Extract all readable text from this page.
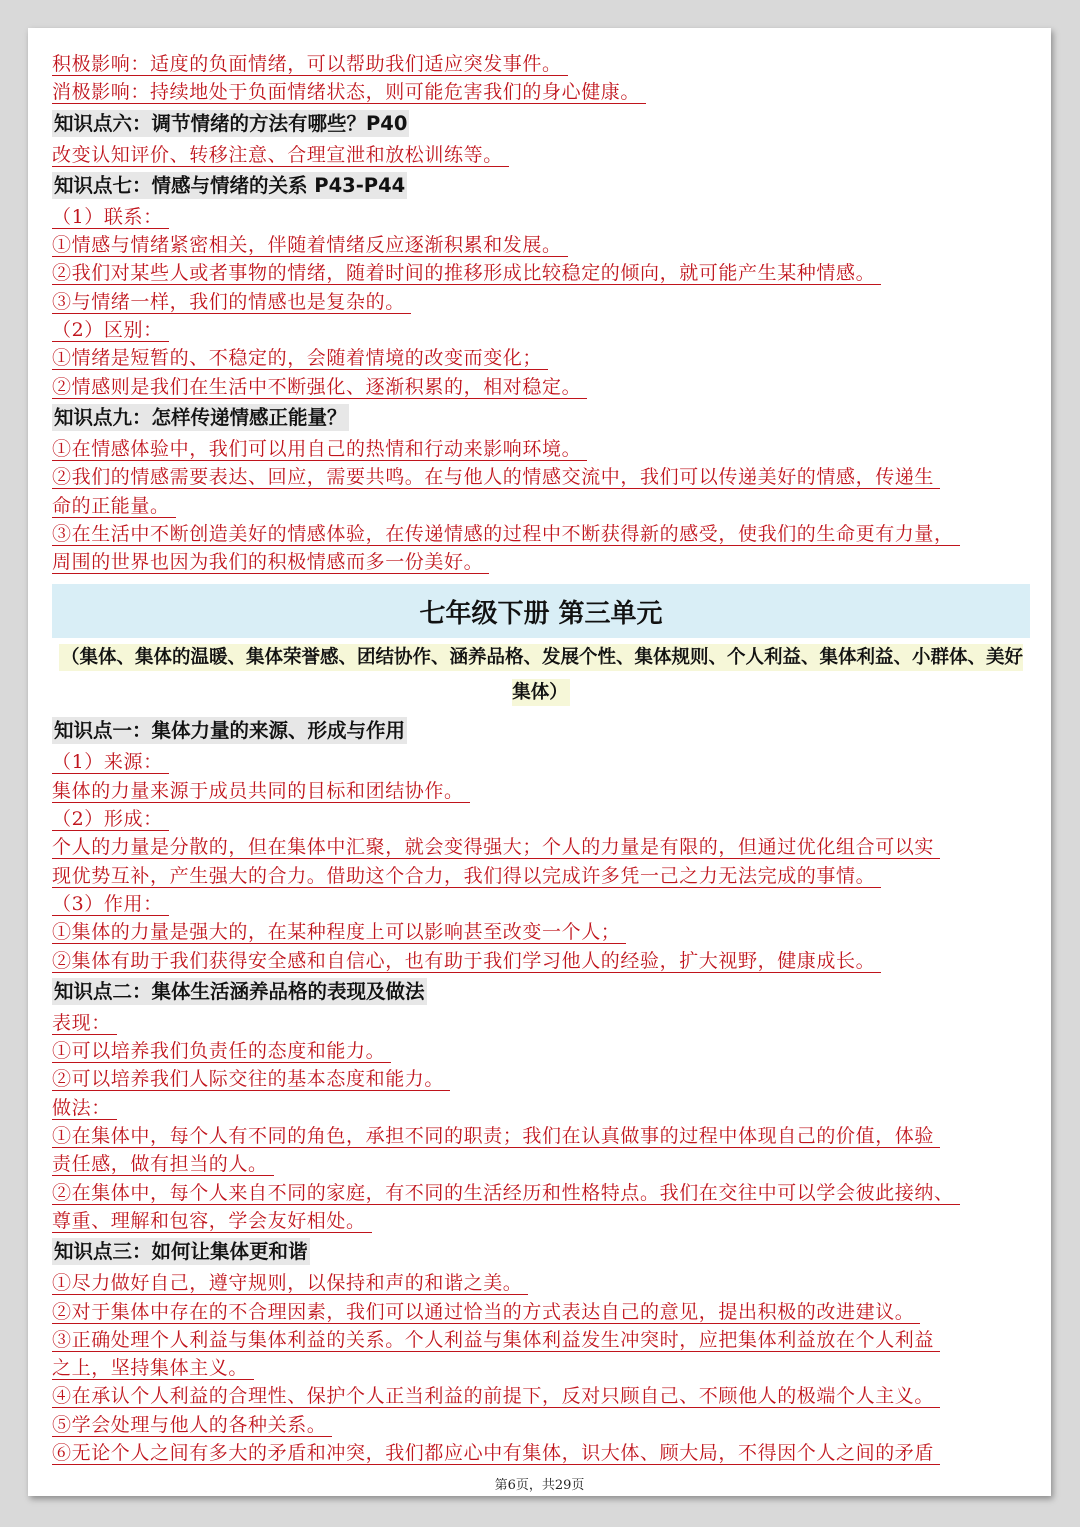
积极影响：适度的负面情绪，可以帮助我们适应突发事件。

消极影响：持续地处于负面情绪状态，则可能危害我们的身心健康。

知识点六：调节情绪的方法有哪些？P40

改变认知评价、转移注意、合理宣泄和放松训练等。

知识点七：情感与情绪的关系 P43-P44

（1）联系：

①情感与情绪紧密相关，伴随着情绪反应逐渐积累和发展。

②我们对某些人或者事物的情绪，随着时间的推移形成比较稳定的倾向，就可能产生某种情感。

③与情绪一样，我们的情感也是复杂的。

（2）区别：

①情绪是短暂的、不稳定的，会随着情境的改变而变化；

②情感则是我们在生活中不断强化、逐渐积累的，相对稳定。

知识点九：怎样传递情感正能量？

①在情感体验中，我们可以用自己的热情和行动来影响环境。

②我们的情感需要表达、回应，需要共鸣。在与他人的情感交流中，我们可以传递美好的情感，传递生

命的正能量。

③在生活中不断创造美好的情感体验，在传递情感的过程中不断获得新的感受，使我们的生命更有力量，

周围的世界也因为我们的积极情感而多一份美好。

七年级下册 第三单元
（集体、集体的温暖、集体荣誉感、团结协作、涵养品格、发展个性、集体规则、个人利益、集体利益、小群体、美好集体）

知识点一：集体力量的来源、形成与作用

（1）来源：

集体的力量来源于成员共同的目标和团结协作。

（2）形成：

个人的力量是分散的，但在集体中汇聚，就会变得强大；个人的力量是有限的，但通过优化组合可以实

现优势互补，产生强大的合力。借助这个合力，我们得以完成许多凭一己之力无法完成的事情。

（3）作用：

①集体的力量是强大的，在某种程度上可以影响甚至改变一个人；

②集体有助于我们获得安全感和自信心，也有助于我们学习他人的经验，扩大视野，健康成长。

知识点二：集体生活涵养品格的表现及做法

表现：

①可以培养我们负责任的态度和能力。

②可以培养我们人际交往的基本态度和能力。

做法：

①在集体中，每个人有不同的角色，承担不同的职责；我们在认真做事的过程中体现自己的价值，体验

责任感，做有担当的人。

②在集体中，每个人来自不同的家庭，有不同的生活经历和性格特点。我们在交往中可以学会彼此接纳、

尊重、理解和包容，学会友好相处。

知识点三：如何让集体更和谐

①尽力做好自己，遵守规则，以保持和声的和谐之美。

②对于集体中存在的不合理因素，我们可以通过恰当的方式表达自己的意见，提出积极的改进建议。

③正确处理个人利益与集体利益的关系。个人利益与集体利益发生冲突时，应把集体利益放在个人利益

之上，坚持集体主义。

④在承认个人利益的合理性、保护个人正当利益的前提下，反对只顾自己、不顾他人的极端个人主义。

⑤学会处理与他人的各种关系。

⑥无论个人之间有多大的矛盾和冲突，我们都应心中有集体，识大体、顾大局，不得因个人之间的矛盾

第6页，共29页
